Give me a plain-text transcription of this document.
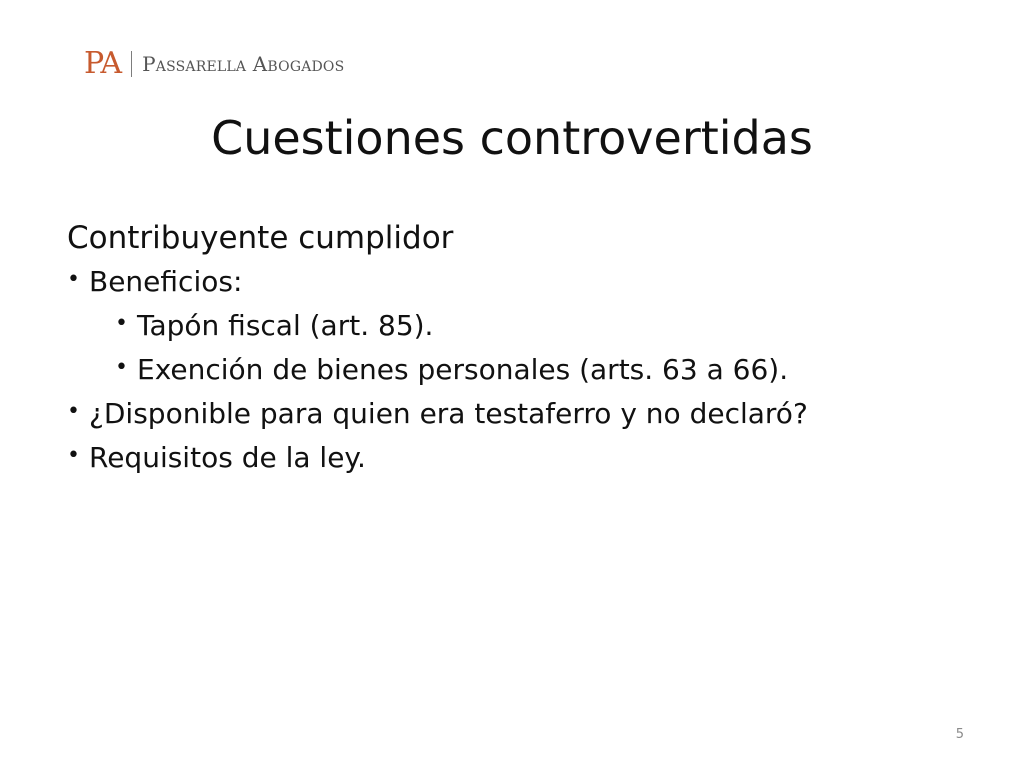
PA Passarella Abogados
Cuestiones controvertidas
Contribuyente cumplidor
• Beneficios:
• Tapón fiscal (art. 85).
• Exención de bienes personales (arts. 63 a 66).
• ¿Disponible para quien era testaferro y no declaró?
• Requisitos de la ley.
5
